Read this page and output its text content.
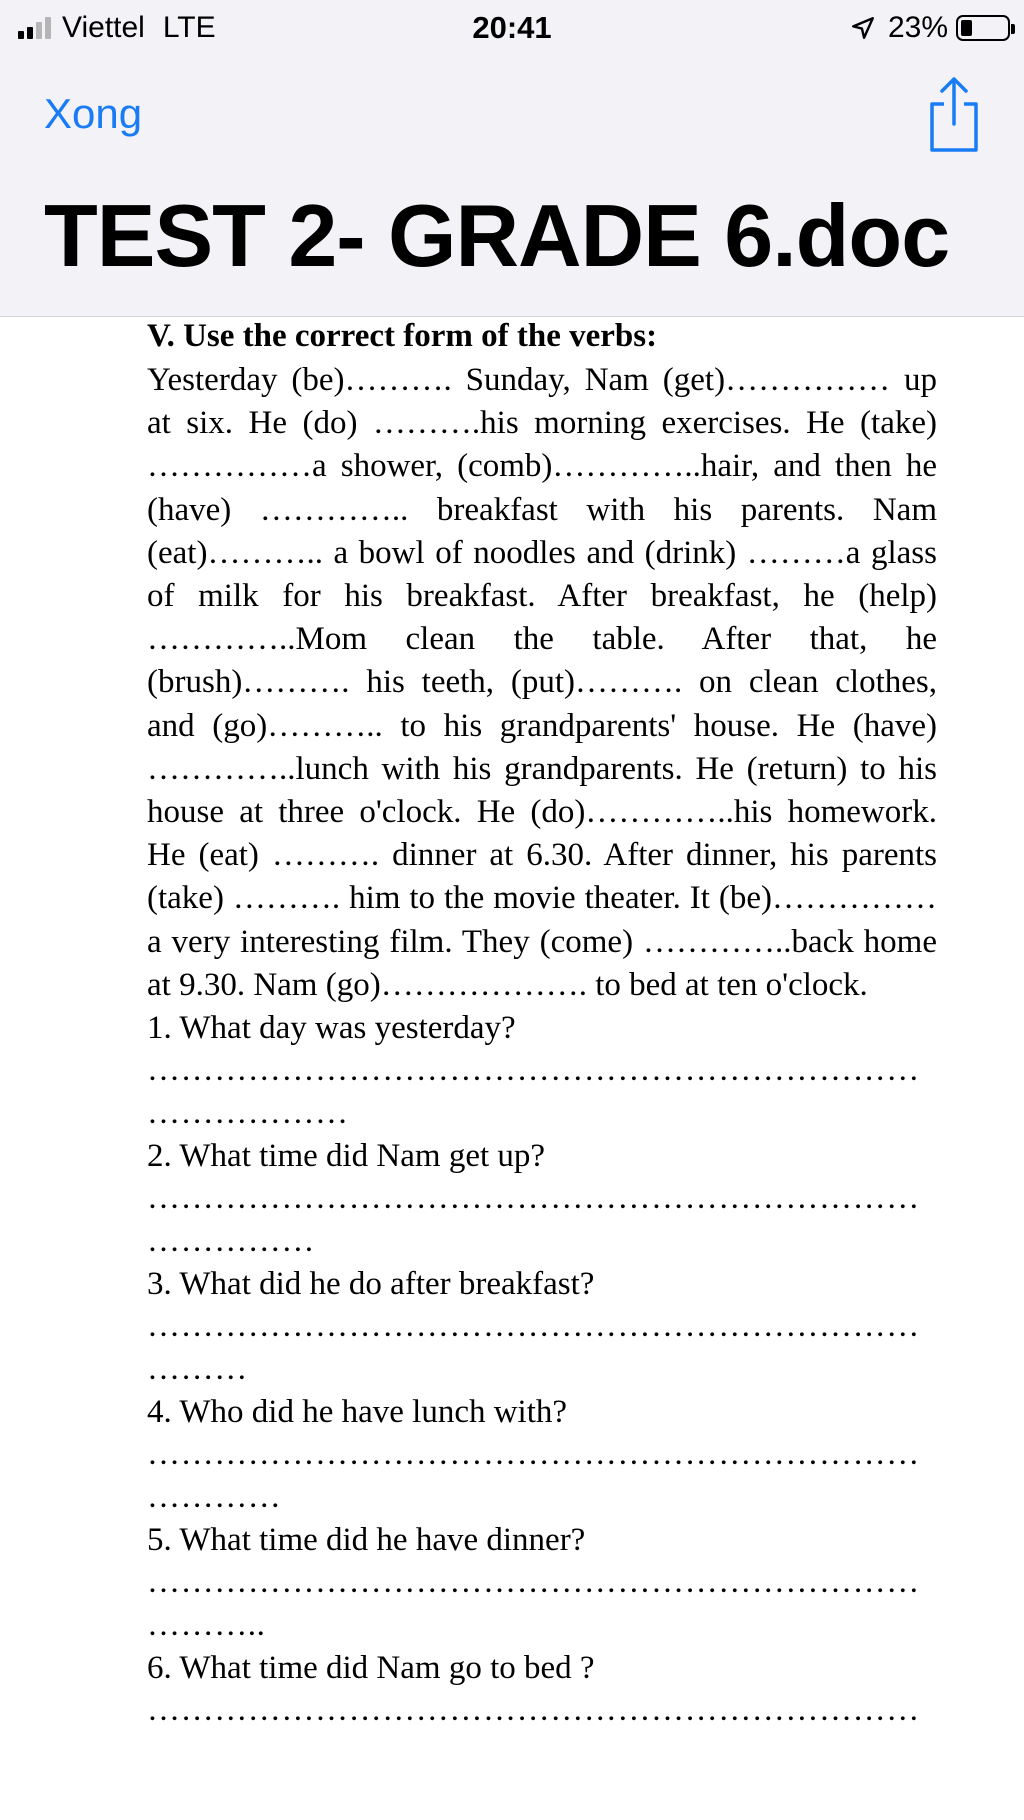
Viettel LTE	20:41	23%
Xong
TEST 2- GRADE 6.doc

V. Use the correct form of the verbs:

Yesterday (be)………. Sunday, Nam (get)…………… up at six. He (do) ……….his morning exercises. He (take) ……………a shower, (comb)…………..hair, and then he (have) ………….. breakfast with his parents. Nam (eat)……….. a bowl of noodles and (drink) ………a glass of milk for his breakfast. After breakfast, he (help) …………..Mom clean the table. After that, he (brush)………. his teeth, (put)………. on clean clothes, and (go)……….. to his grandparents' house. He (have) …………..lunch with his grandparents. He (return) to his house at three o'clock. He (do)…………..his homework. He (eat) ………. dinner at 6.30. After dinner, his parents (take) ………. him to the movie theater. It (be)……………a very interesting film. They (come) …………..back home at 9.30. Nam (go)………………. to bed at ten o'clock.

1. What day was yesterday?

……………………………………………………………

………………

2. What time did Nam get up?

……………………………………………………………

……………

3. What did he do after breakfast?

……………………………………………………………

………

4. Who did he have lunch with?

……………………………………………………………

…………

5. What time did he have dinner?

……………………………………………………………

………..

6. What time did Nam go to bed ?

……………………………………………………………
